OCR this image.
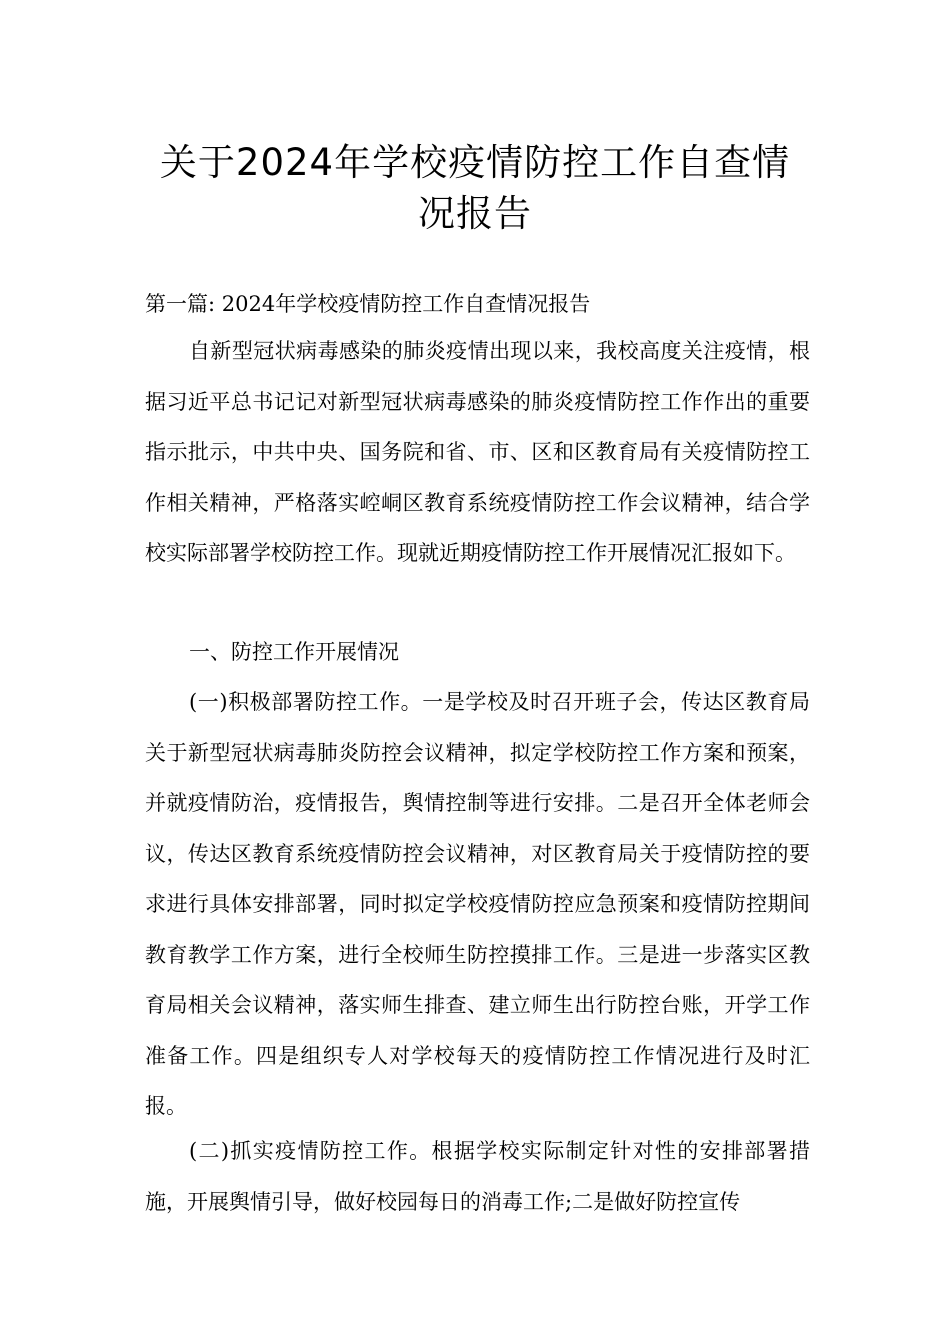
关于2024年学校疫情防控工作自查情
况报告

第一篇: 2024年学校疫情防控工作自查情况报告

自新型冠状病毒感染的肺炎疫情出现以来，我校高度关注疫情，根据习近平总书记记对新型冠状病毒感染的肺炎疫情防控工作作出的重要指示批示，中共中央、国务院和省、市、区和区教育局有关疫情防控工作相关精神，严格落实崆峒区教育系统疫情防控工作会议精神，结合学校实际部署学校防控工作。现就近期疫情防控工作开展情况汇报如下。

一、防控工作开展情况

(一)积极部署防控工作。一是学校及时召开班子会，传达区教育局关于新型冠状病毒肺炎防控会议精神，拟定学校防控工作方案和预案，并就疫情防治，疫情报告，舆情控制等进行安排。二是召开全体老师会议，传达区教育系统疫情防控会议精神，对区教育局关于疫情防控的要求进行具体安排部署，同时拟定学校疫情防控应急预案和疫情防控期间教育教学工作方案，进行全校师生防控摸排工作。三是进一步落实区教育局相关会议精神，落实师生排查、建立师生出行防控台账，开学工作准备工作。四是组织专人对学校每天的疫情防控工作情况进行及时汇报。

(二)抓实疫情防控工作。根据学校实际制定针对性的安排部署措施，开展舆情引导，做好校园每日的消毒工作;二是做好防控宣传
